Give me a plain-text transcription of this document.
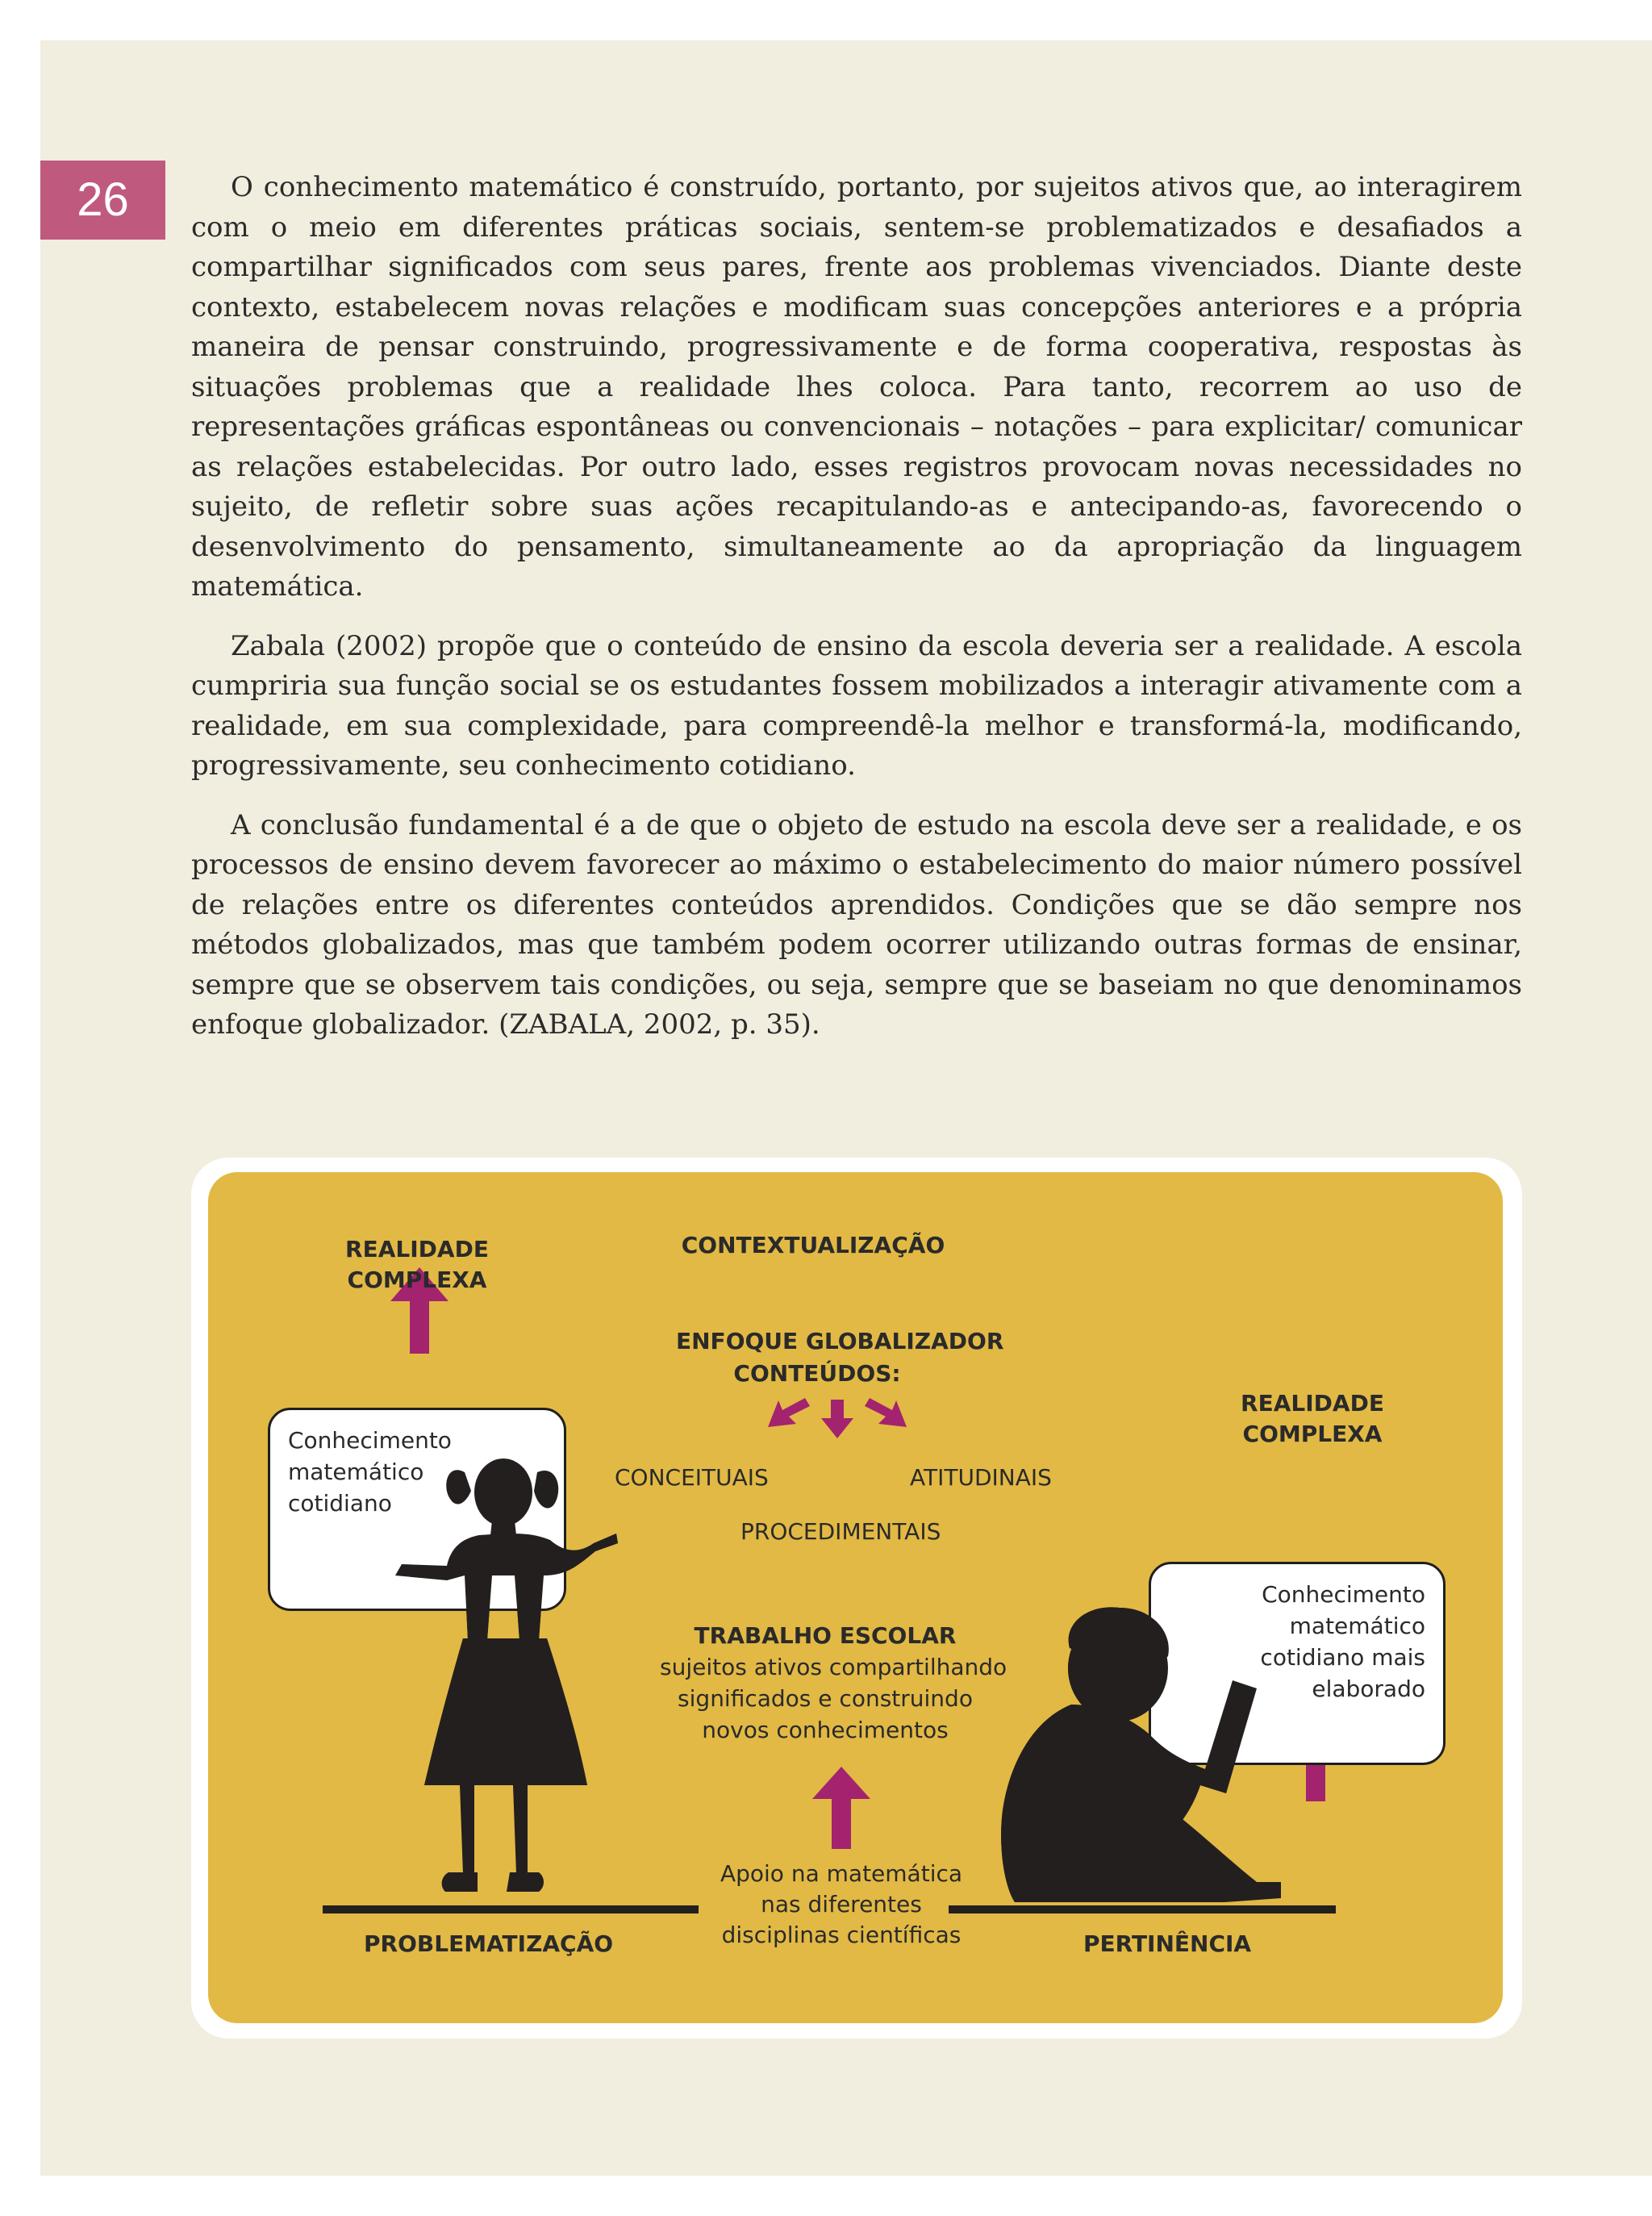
26	O conhecimento matemático é construído, portanto, por sujeitos ativos que, ao interagirem com o meio em diferentes práticas sociais, sentem-se problematizados e desafiados a compartilhar significados com seus pares, frente aos problemas vivenciados. Diante deste contexto, estabelecem novas relações e modificam suas concepções anteriores e a própria maneira de pensar construindo, progressivamente e de forma cooperativa, respostas às situações problemas que a realidade lhes coloca. Para tanto, recorrem ao uso de representações gráficas espontâneas ou convencionais – notações – para explicitar/ comunicar as relações estabelecidas. Por outro lado, esses registros provocam novas necessidades no sujeito, de refletir sobre suas ações recapitulando-as e antecipando-as, favorecendo o desenvolvimento do pensamento, simultaneamente ao da apropriação da linguagem matemática.

Zabala (2002) propõe que o conteúdo de ensino da escola deveria ser a realidade. A escola cumpriria sua função social se os estudantes fossem mobilizados a interagir ativamente com a realidade, em sua complexidade, para compreendê-la melhor e transformá-la, modificando, progressivamente, seu conhecimento cotidiano.

A conclusão fundamental é a de que o objeto de estudo na escola deve ser a realidade, e os processos de ensino devem favorecer ao máximo o estabelecimento do maior número possível de relações entre os diferentes conteúdos aprendidos. Condições que se dão sempre nos métodos globalizados, mas que também podem ocorrer utilizando outras formas de ensinar, sempre que se observem tais condições, ou seja, sempre que se baseiam no que denominamos enfoque globalizador. (ZABALA, 2002, p. 35).

Conhecimento
matemático
cotidiano
Conhecimento
matemático
cotidiano mais
elaborado
REALIDADE
COMPLEXA
CONTEXTUALIZAÇÃO
ENFOQUE GLOBALIZADOR
CONTEÚDOS:
REALIDADE
COMPLEXA
CONCEITUAIS	ATITUDINAIS
PROCEDIMENTAIS
TRABALHO ESCOLAR
sujeitos ativos compartilhando
significados e construindo
novos conhecimentos
Apoio na matemática
nas diferentes
disciplinas científicas
PROBLEMATIZAÇÃO	PERTINÊNCIA
